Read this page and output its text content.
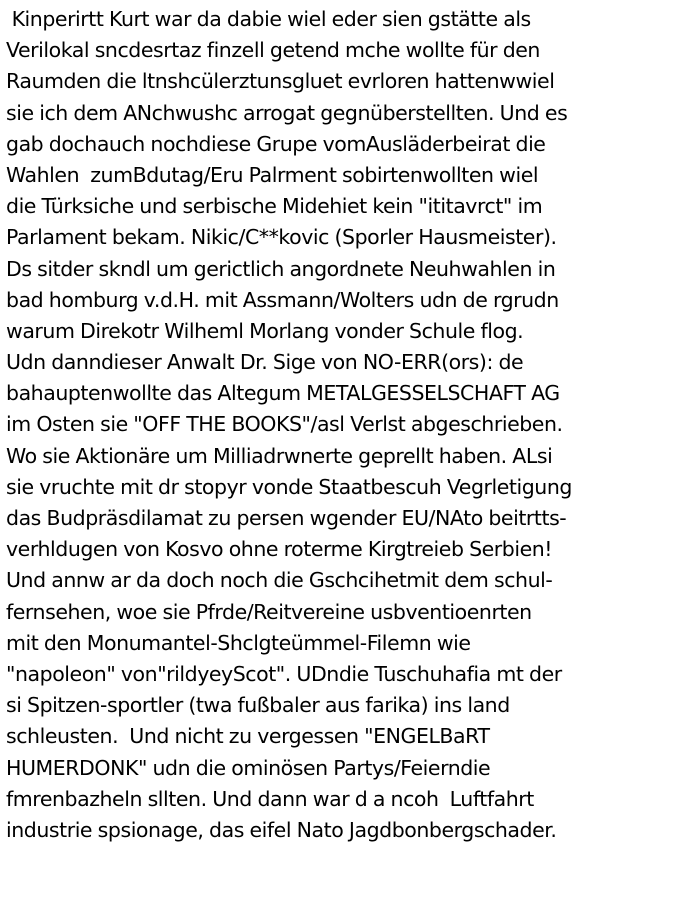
Kinperirtt Kurt war da dabie wiel eder sien gstätte als
Verilokal sncdesrtaz finzell getend mche wollte für den
Raumden die ltnshcülerztunsgluet evrloren hattenwwiel
sie ich dem ANchwushc arrogat gegnüberstellten. Und es
gab dochauch nochdiese Grupe vomAusläderbeirat die
Wahlen  zumBdutag/Eru Palrment sobirtenwollten wiel
die Türksiche und serbische Midehiet kein "ititavrct" im
Parlament bekam. Nikic/C**kovic (Sporler Hausmeister).
Ds sitder skndl um gerictlich angordnete Neuhwahlen in
bad homburg v.d.H. mit Assmann/Wolters udn de rgrudn
warum Direkotr Wilheml Morlang vonder Schule flog.
Udn danndieser Anwalt Dr. Sige von NO-ERR(ors): de
bahauptenwollte das Altegum METALGESSELSCHAFT AG
im Osten sie "OFF THE BOOKS"/asl Verlst abgeschrieben.
Wo sie Aktionäre um Milliadrwnerte geprellt haben. ALsi
sie vruchte mit dr stopyr vonde Staatbescuh Vegrletigung
das Budpräsdilamat zu persen wgender EU/NAto beitrtts-
verhldugen von Kosvo ohne roterme Kirgtreieb Serbien!
Und annw ar da doch noch die Gschcihetmit dem schul-
fernsehen, woe sie Pfrde/Reitvereine usbventioenrten
mit den Monumantel-Shclgteümmel-Filemn wie
"napoleon" von"rildyeyScot". UDndie Tuschuhafia mt der
si Spitzen-sportler (twa fußbaler aus farika) ins land
schleusten.  Und nicht zu vergessen "ENGELBaRT
HUMERDONK" udn die ominösen Partys/Feierndie
fmrenbazheln sllten. Und dann war d a ncoh  Luftfahrt
industrie spsionage, das eifel Nato Jagdbonbergschader.
